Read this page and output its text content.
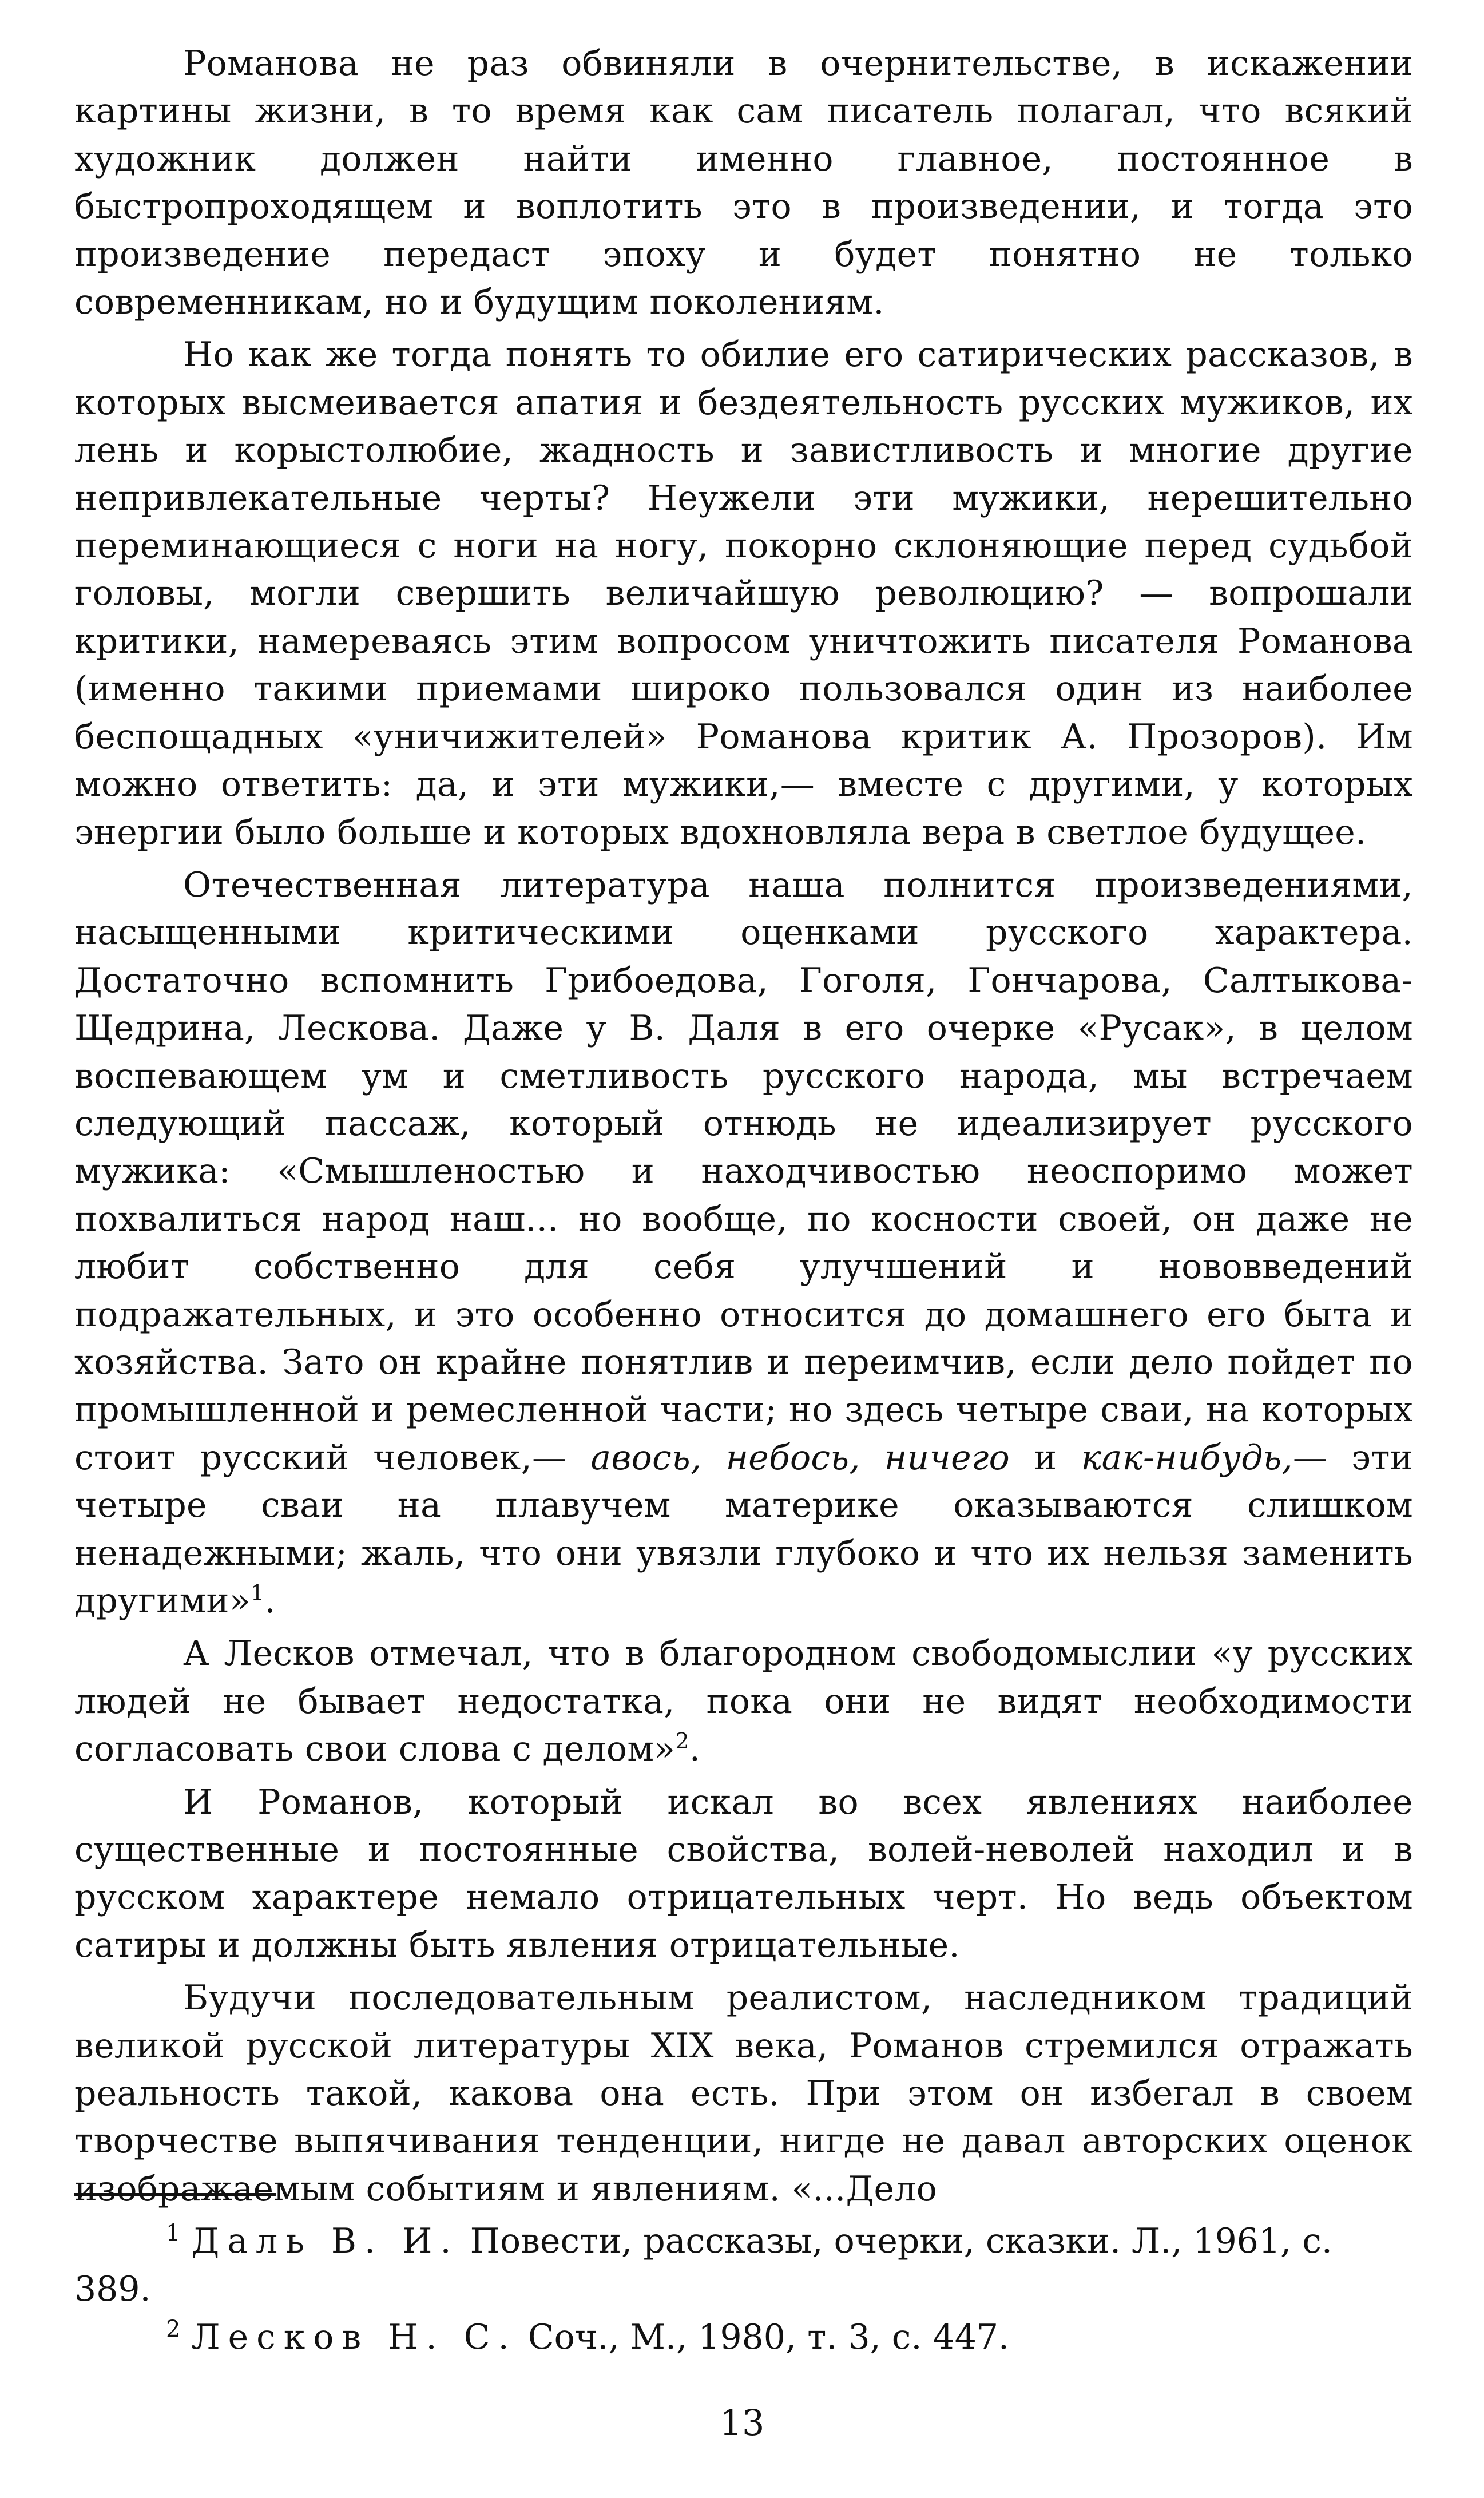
Романова не раз обвиняли в очернительстве, в искажении картины жизни, в то время как сам писатель полагал, что всякий художник должен найти именно главное, постоянное в быстропроходящем и воплотить это в произведении, и тогда это произведение передаст эпоху и будет понятно не только современникам, но и будущим поколениям.

Но как же тогда понять то обилие его сатирических рассказов, в которых высмеивается апатия и бездеятельность русских мужиков, их лень и корыстолюбие, жадность и завистливость и многие другие непривлекательные черты? Неужели эти мужики, нерешительно переминающиеся с ноги на ногу, покорно склоняющие перед судьбой головы, могли свершить величайшую революцию? — вопрошали критики, намереваясь этим вопросом уничтожить писателя Романова (именно такими приемами широко пользовался один из наиболее беспощадных «уничижителей» Романова критик А. Прозоров). Им можно ответить: да, и эти мужики,— вместе с другими, у которых энергии было больше и которых вдохновляла вера в светлое будущее.

Отечественная литература наша полнится произведениями, насыщенными критическими оценками русского характера. Достаточно вспомнить Грибоедова, Гоголя, Гончарова, Салтыкова-Щедрина, Лескова. Даже у В. Даля в его очерке «Русак», в целом воспевающем ум и сметливость русского народа, мы встречаем следующий пассаж, который отнюдь не идеализирует русского мужика: «Смышленостью и находчивостью неоспоримо может похвалиться народ наш... но вообще, по косности своей, он даже не любит собственно для себя улучшений и нововведений подражательных, и это особенно относится до домашнего его быта и хозяйства. Зато он крайне понятлив и переимчив, если дело пойдет по промышленной и ремесленной части; но здесь четыре сваи, на которых стоит русский человек,— авось, небось, ничего и как-нибудь,— эти четыре сваи на плавучем материке оказываются слишком ненадежными; жаль, что они увязли глубоко и что их нельзя заменить другими»$^1$.

А Лесков отмечал, что в благородном свободомыслии «у русских людей не бывает недостатка, пока они не видят необходимости согласовать свои слова с делом»$^2$.

И Романов, который искал во всех явлениях наиболее существенные и постоянные свойства, волей-неволей находил и в русском характере немало отрицательных черт. Но ведь объектом сатиры и должны быть явления отрицательные.

Будучи последовательным реалистом, наследником традиций великой русской литературы XIX века, Романов стремился отражать реальность такой, какова она есть. При этом он избегал в своем творчестве выпячивания тенденции, нигде не давал авторских оценок изображаемым событиям и явлениям. «...Дело

$^1$ Даль В. И. Повести, рассказы, очерки, сказки. Л., 1961, с. 389.

$^2$ Лесков Н. С. Соч., М., 1980, т. 3, с. 447.

13
